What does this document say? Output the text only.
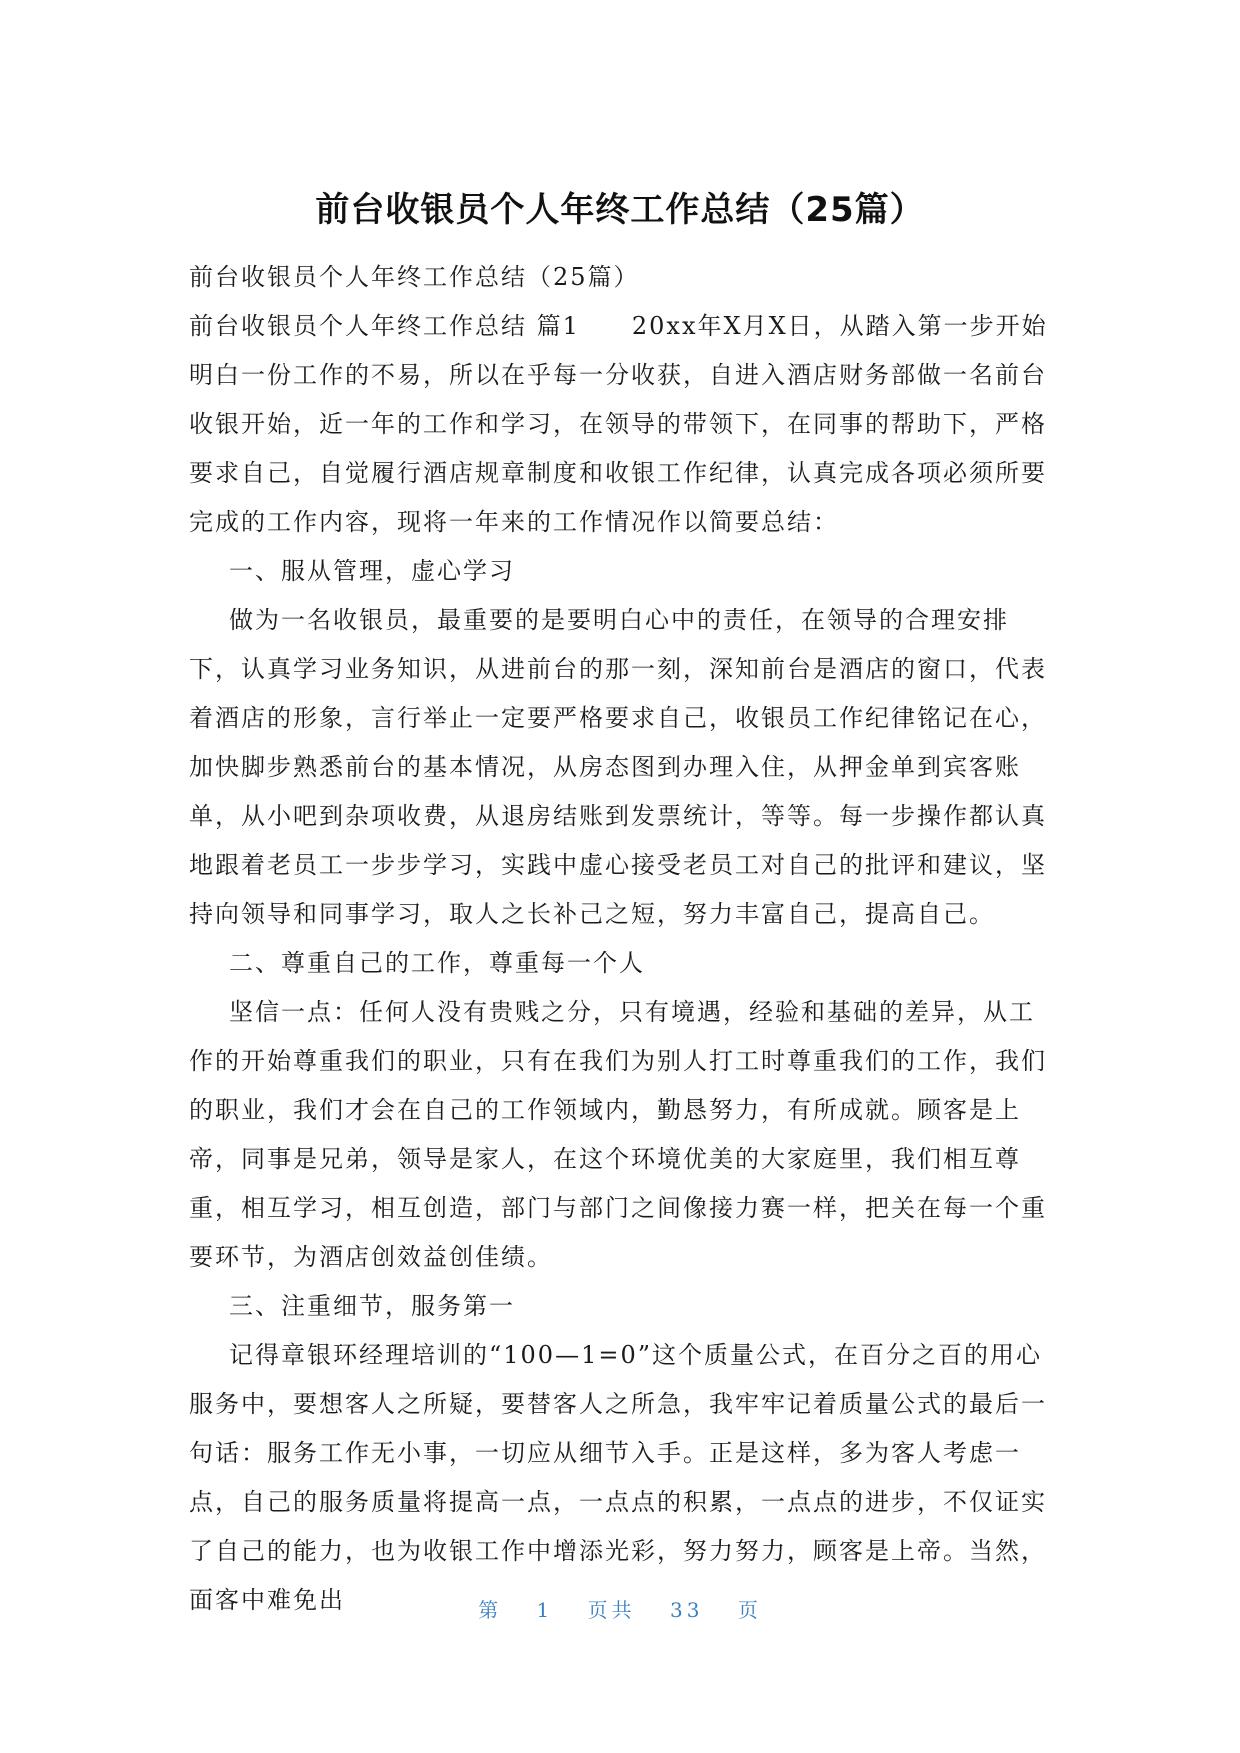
前台收银员个人年终工作总结（25篇）

前台收银员个人年终工作总结（25篇）

前台收银员个人年终工作总结 篇1　　20xx年X月X日，从踏入第一步开始明白一份工作的不易，所以在乎每一分收获，自进入酒店财务部做一名前台收银开始，近一年的工作和学习，在领导的带领下，在同事的帮助下，严格要求自己，自觉履行酒店规章制度和收银工作纪律，认真完成各项必须所要完成的工作内容，现将一年来的工作情况作以简要总结：

一、服从管理，虚心学习

做为一名收银员，最重要的是要明白心中的责任，在领导的合理安排下，认真学习业务知识，从进前台的那一刻，深知前台是酒店的窗口，代表着酒店的形象，言行举止一定要严格要求自己，收银员工作纪律铭记在心，加快脚步熟悉前台的基本情况，从房态图到办理入住，从押金单到宾客账单，从小吧到杂项收费，从退房结账到发票统计，等等。每一步操作都认真地跟着老员工一步步学习，实践中虚心接受老员工对自己的批评和建议，坚持向领导和同事学习，取人之长补己之短，努力丰富自己，提高自己。

二、尊重自己的工作，尊重每一个人

坚信一点：任何人没有贵贱之分，只有境遇，经验和基础的差异，从工作的开始尊重我们的职业，只有在我们为别人打工时尊重我们的工作，我们的职业，我们才会在自己的工作领域内，勤恳努力，有所成就。顾客是上帝，同事是兄弟，领导是家人，在这个环境优美的大家庭里，我们相互尊重，相互学习，相互创造，部门与部门之间像接力赛一样，把关在每一个重要环节，为酒店创效益创佳绩。

三、注重细节，服务第一

记得章银环经理培训的“100—1=0”这个质量公式，在百分之百的用心服务中，要想客人之所疑，要替客人之所急，我牢牢记着质量公式的最后一句话：服务工作无小事，一切应从细节入手。正是这样，多为客人考虑一点，自己的服务质量将提高一点，一点点的积累，一点点的进步，不仅证实了自己的能力，也为收银工作中增添光彩，努力努力，顾客是上帝。当然，面客中难免出	第 1 页共 33 页
